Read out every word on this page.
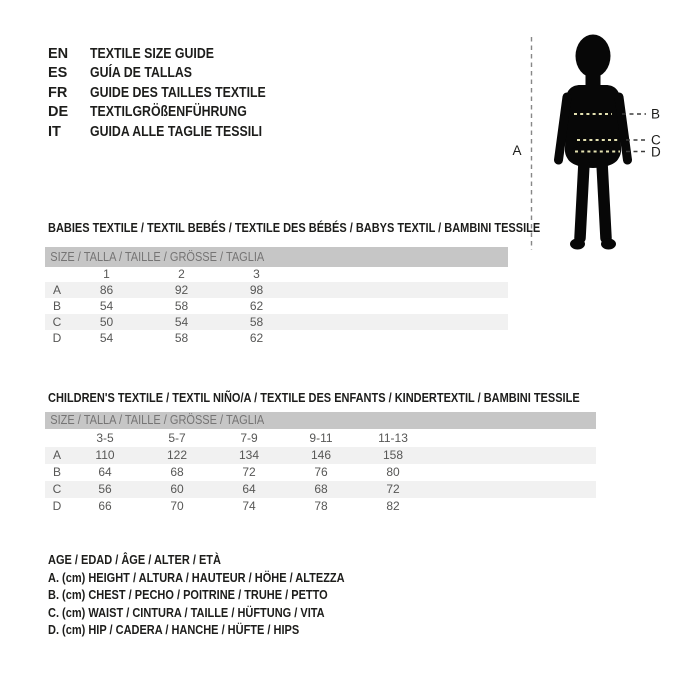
EN	TEXTILE SIZE GUIDE
ES	GUÍA DE TALLAS
FR	GUIDE DES TAILLES TEXTILE
DE	TEXTILGRÖßENFÜHRUNG
IT	GUIDA ALLE TAGLIE TESSILI
A
B
C
D
BABIES TEXTILE / TEXTIL BEBÉS / TEXTILE DES BÉBÉS / BABYS TEXTIL / BAMBINI TESSILE
SIZE / TALLA / TAILLE / GRÖSSE / TAGLIA				
	1	2	3	
A	86	92	98	
B	54	58	62	
C	50	54	58	
D	54	58	62	
CHILDREN'S TEXTILE / TEXTIL NIÑO/A / TEXTILE DES ENFANTS / KINDERTEXTIL / BAMBINI TESSILE
SIZE / TALLA / TAILLE / GRÖSSE / TAGLIA						
	3-5	5-7	7-9	9-11	11-13	
A	110	122	134	146	158	
B	64	68	72	76	80	
C	56	60	64	68	72	
D	66	70	74	78	82	
AGE / EDAD / ÂGE / ALTER / ETÀ
A. (cm) HEIGHT / ALTURA / HAUTEUR / HÖHE / ALTEZZA
B. (cm) CHEST / PECHO / POITRINE / TRUHE / PETTO
C. (cm) WAIST / CINTURA / TAILLE / HÜFTUNG / VITA
D. (cm) HIP / CADERA / HANCHE / HÜFTE / HIPS
